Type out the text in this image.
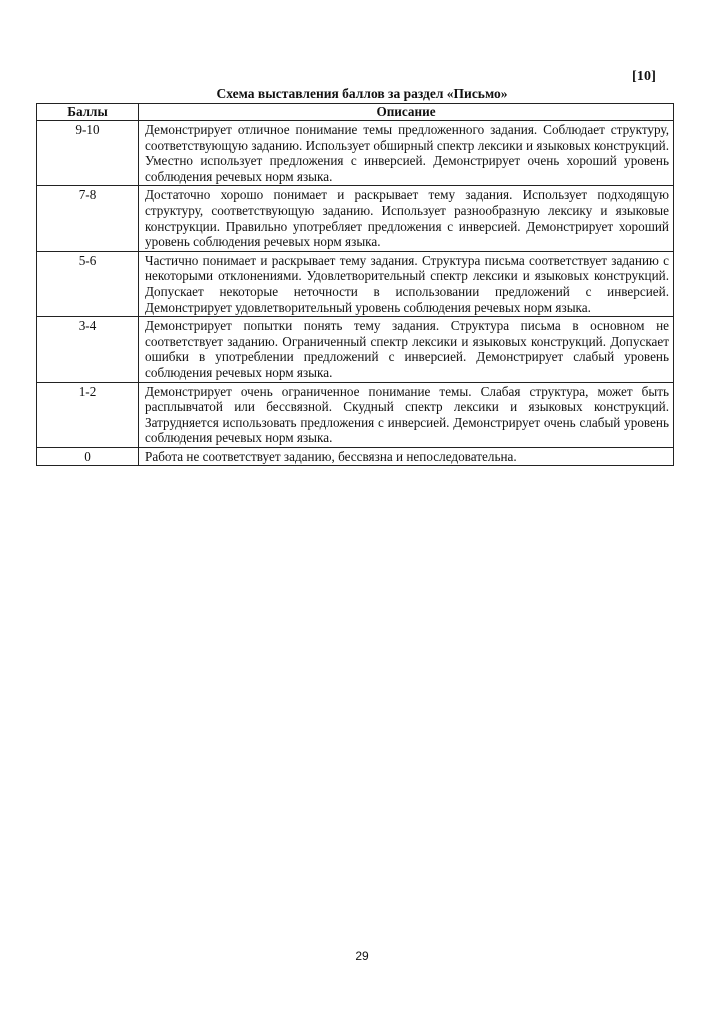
[10]
Схема выставления баллов за раздел «Письмо»
Баллы	Описание
9-10	Демонстрирует отличное понимание темы предложенного задания. Соблюдает структуру, соответствующую заданию. Использует обширный спектр лексики и языковых конструкций. Уместно использует предложения с инверсией. Демонстрирует очень хороший уровень соблюдения речевых норм языка.
7-8	Достаточно хорошо понимает и раскрывает тему задания. Использует подходящую структуру, соответствующую заданию. Использует разнообразную лексику и языковые конструкции. Правильно употребляет предложения с инверсией. Демонстрирует хороший уровень соблюдения речевых норм языка.
5-6	Частично понимает и раскрывает тему задания. Структура письма соответствует заданию с некоторыми отклонениями. Удовлетворительный спектр лексики и языковых конструкций. Допускает некоторые неточности в использовании предложений с инверсией. Демонстрирует удовлетворительный уровень соблюдения речевых норм языка.
3-4	Демонстрирует попытки понять тему задания. Структура письма в основном не соответствует заданию. Ограниченный спектр лексики и языковых конструкций. Допускает ошибки в употреблении предложений с инверсией. Демонстрирует слабый уровень соблюдения речевых норм языка.
1-2	Демонстрирует очень ограниченное понимание темы. Слабая структура, может быть расплывчатой или бессвязной. Скудный спектр лексики и языковых конструкций. Затрудняется использовать предложения с инверсией. Демонстрирует очень слабый уровень соблюдения речевых норм языка.
0	Работа не соответствует заданию, бессвязна и непоследовательна.
29
